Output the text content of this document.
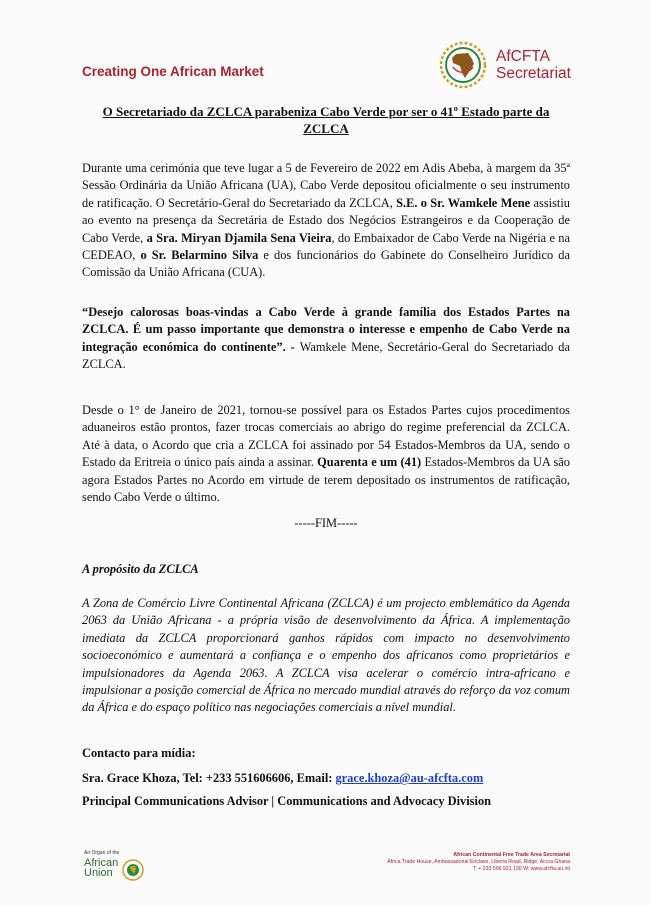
Creating One African Market
AfCFTA
Secretariat
O Secretariado da ZCLCA parabeniza Cabo Verde por ser o 41º Estado parte da ZCLCA

Durante uma cerimónia que teve lugar a 5 de Fevereiro de 2022 em Adis Abeba, à margem da 35ª Sessão Ordinária da União Africana (UA), Cabo Verde depositou oficialmente o seu instrumento de ratificação. O Secretário-Geral do Secretariado da ZCLCA, S.E. o Sr. Wamkele Mene assistiu ao evento na presença da Secretária de Estado dos Negócios Estrangeiros e da Cooperação de Cabo Verde, a Sra. Miryan Djamila Sena Vieira, do Embaixador de Cabo Verde na Nigéria e na CEDEAO, o Sr. Belarmino Silva e dos funcionários do Gabinete do Conselheiro Jurídico da Comissão da União Africana (CUA).

“Desejo calorosas boas-vindas a Cabo Verde à grande família dos Estados Partes na ZCLCA. É um passo importante que demonstra o interesse e empenho de Cabo Verde na integração económica do continente”. - Wamkele Mene, Secretário-Geral do Secretariado da ZCLCA.

Desde o 1° de Janeiro de 2021, tornou-se possível para os Estados Partes cujos procedimentos aduaneiros estão prontos, fazer trocas comerciais ao abrigo do regime preferencial da ZCLCA. Até à data, o Acordo que cria a ZCLCA foi assinado por 54 Estados-Membros da UA, sendo o Estado da Eritreia o único país ainda a assinar. Quarenta e um (41) Estados-Membros da UA são agora Estados Partes no Acordo em virtude de terem depositado os instrumentos de ratificação, sendo Cabo Verde o último.

-----FIM-----
A propósito da ZCLCA

A Zona de Comércio Livre Continental Africana (ZCLCA) é um projecto emblemático da Agenda 2063 da União Africana - a própria visão de desenvolvimento da África. A implementação imediata da ZCLCA proporcionará ganhos rápidos com impacto no desenvolvimento socioeconómico e aumentará a confiança e o empenho dos africanos como proprietários e impulsionadores da Agenda 2063. A ZCLCA visa acelerar o comércio intra-africano e impulsionar a posição comercial de África no mercado mundial através do reforço da voz comum da África e do espaço político nas negociações comerciais a nível mundial.

Contacto para mídia:
Sra. Grace Khoza, Tel: +233 551606606, Email: grace.khoza@au-afcfta.com
Principal Communications Advisor | Communications and Advocacy Division
An Organ of the
African
Union
African Continental Free Trade Area Secretariat
Africa Trade House, Ambassadorial Enclave, Liberia Road, Ridge, Accra Ghana
T: + 233 596 921 130 W: www.afcfta.au.int
